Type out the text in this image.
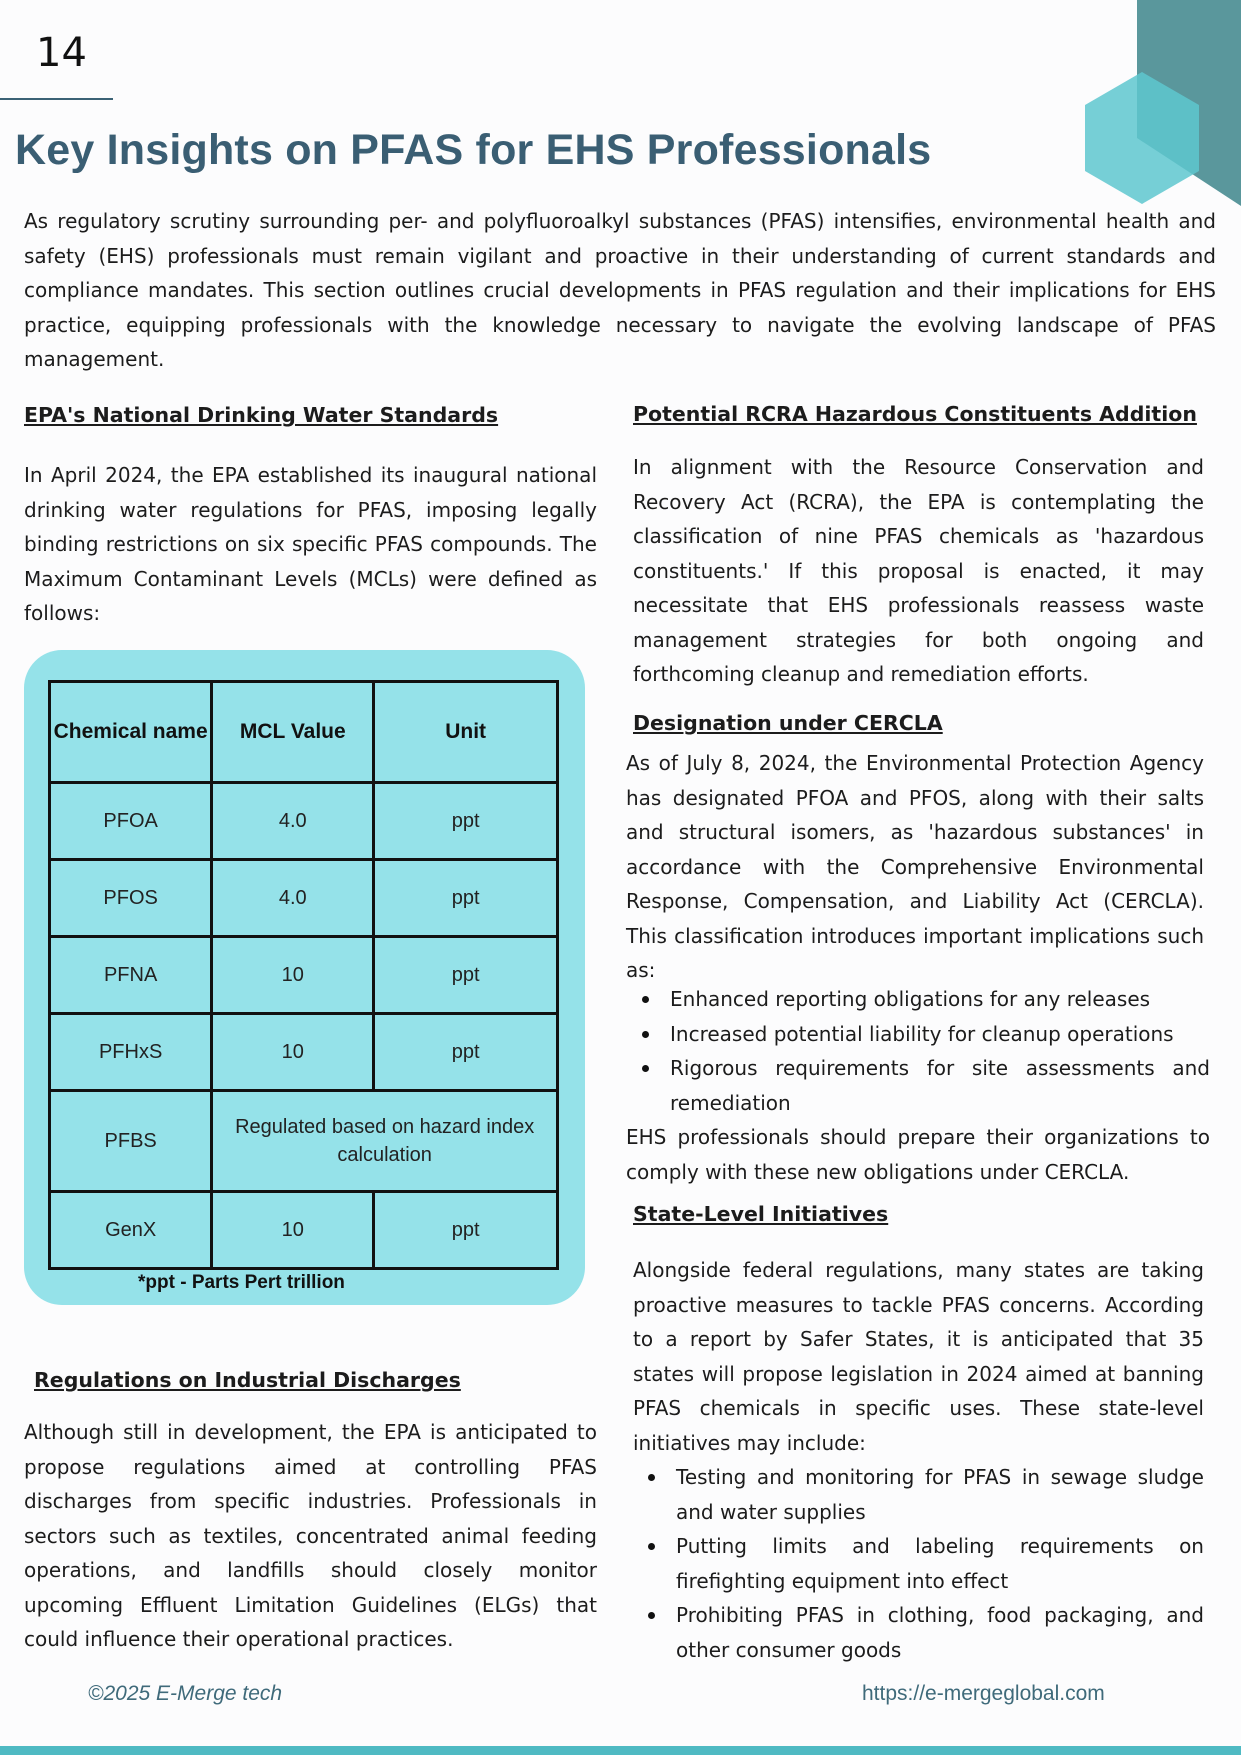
14
Key Insights on PFAS for EHS Professionals
As regulatory scrutiny surrounding per- and polyfluoroalkyl substances (PFAS) intensifies, environmental health and safety (EHS) professionals must remain vigilant and proactive in their understanding of current standards and compliance mandates. This section outlines crucial developments in PFAS regulation and their implications for EHS practice, equipping professionals with the knowledge necessary to navigate the evolving landscape of PFAS management.
EPA's National Drinking Water Standards
In April 2024, the EPA established its inaugural national drinking water regulations for PFAS, imposing legally binding restrictions on six specific PFAS compounds. The Maximum Contaminant Levels (MCLs) were defined as follows:
Chemical name	MCL Value	Unit
PFOA	4.0	ppt
PFOS	4.0	ppt
PFNA	10	ppt
PFHxS	10	ppt
PFBS	Regulated based on hazard index calculation	
GenX	10	ppt
*ppt - Parts Pert trillion
Regulations on Industrial Discharges
Although still in development, the EPA is anticipated to propose regulations aimed at controlling PFAS discharges from specific industries. Professionals in sectors such as textiles, concentrated animal feeding operations, and landfills should closely monitor upcoming Effluent Limitation Guidelines (ELGs) that could influence their operational practices.
Potential RCRA Hazardous Constituents Addition
In alignment with the Resource Conservation and Recovery Act (RCRA), the EPA is contemplating the classification of nine PFAS chemicals as 'hazardous constituents.' If this proposal is enacted, it may necessitate that EHS professionals reassess waste management strategies for both ongoing and forthcoming cleanup and remediation efforts.
Designation under CERCLA
As of July 8, 2024, the Environmental Protection Agency has designated PFOA and PFOS, along with their salts and structural isomers, as 'hazardous substances' in accordance with the Comprehensive Environmental Response, Compensation, and Liability Act (CERCLA). This classification introduces important implications such as:
Enhanced reporting obligations for any releases
Increased potential liability for cleanup operations
Rigorous requirements for site assessments and remediation
EHS professionals should prepare their organizations to comply with these new obligations under CERCLA.
State-Level Initiatives
Alongside federal regulations, many states are taking proactive measures to tackle PFAS concerns. According to a report by Safer States, it is anticipated that 35 states will propose legislation in 2024 aimed at banning PFAS chemicals in specific uses. These state-level initiatives may include:
Testing and monitoring for PFAS in sewage sludge and water supplies
Putting limits and labeling requirements on firefighting equipment into effect
Prohibiting PFAS in clothing, food packaging, and other consumer goods
©2025 E-Merge tech	https://e-mergeglobal.com
